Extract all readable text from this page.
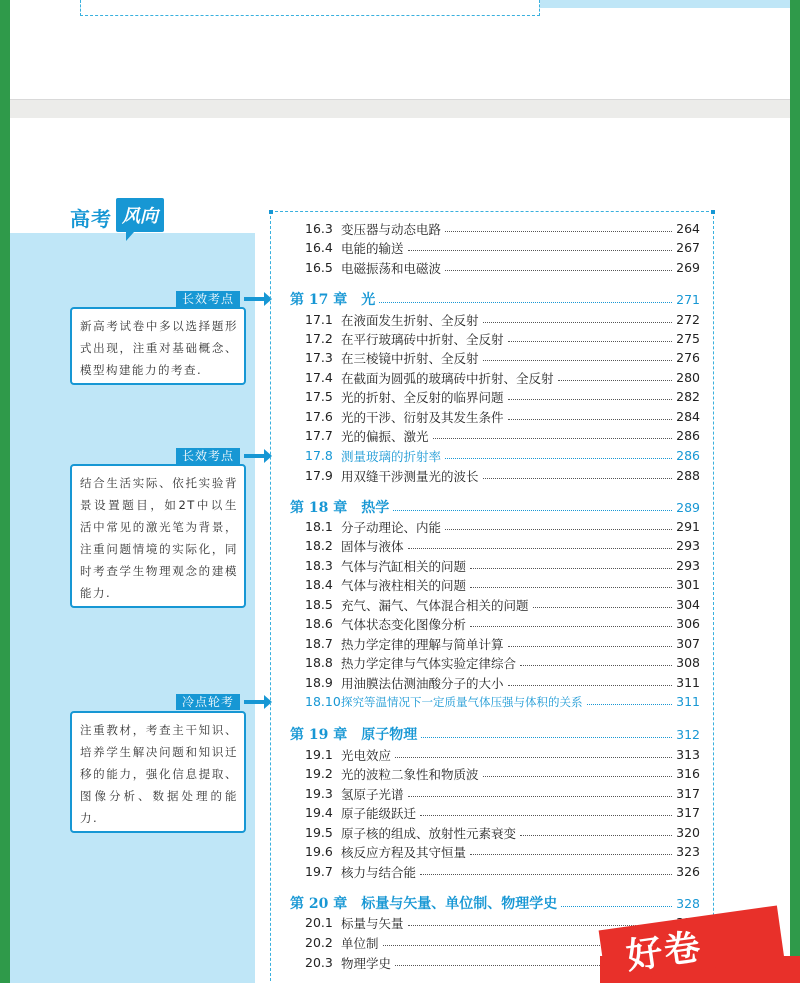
高考 风向
长效考点
新高考试卷中多以选择题形式出现，注重对基础概念、模型构建能力的考查.
长效考点
结合生活实际、依托实验背景设置题目，如2T中以生活中常见的激光笔为背景，注重问题情境的实际化，同时考查学生物理观念的建模能力.
冷点轮考
注重教材，考查主干知识、培养学生解决问题和知识迁移的能力，强化信息提取、图像分析、数据处理的能力.
16.3 变压器与动态电路	264
16.4 电能的输送	267
16.5 电磁振荡和电磁波	269
第 17 章　光	271
17.1 在液面发生折射、全反射	272
17.2 在平行玻璃砖中折射、全反射	275
17.3 在三棱镜中折射、全反射	276
17.4 在截面为圆弧的玻璃砖中折射、全反射	280
17.5 光的折射、全反射的临界问题	282
17.6 光的干涉、衍射及其发生条件	284
17.7 光的偏振、激光	286
17.8 测量玻璃的折射率	286
17.9 用双缝干涉测量光的波长	288
第 18 章　热学	289
18.1 分子动理论、内能	291
18.2 固体与液体	293
18.3 气体与汽缸相关的问题	293
18.4 气体与液柱相关的问题	301
18.5 充气、漏气、气体混合相关的问题	304
18.6 气体状态变化图像分析	306
18.7 热力学定律的理解与简单计算	307
18.8 热力学定律与气体实验定律综合	308
18.9 用油膜法估测油酸分子的大小	311
18.10 探究等温情况下一定质量气体压强与体积的关系	311
第 19 章　原子物理	312
19.1 光电效应	313
19.2 光的波粒二象性和物质波	316
19.3 氢原子光谱	317
19.4 原子能级跃迁	317
19.5 原子核的组成、放射性元素衰变	320
19.6 核反应方程及其守恒量	323
19.7 核力与结合能	326
第 20 章　标量与矢量、单位制、物理学史	328
20.1 标量与矢量
20.2 单位制
20.3 物理学史	好卷
